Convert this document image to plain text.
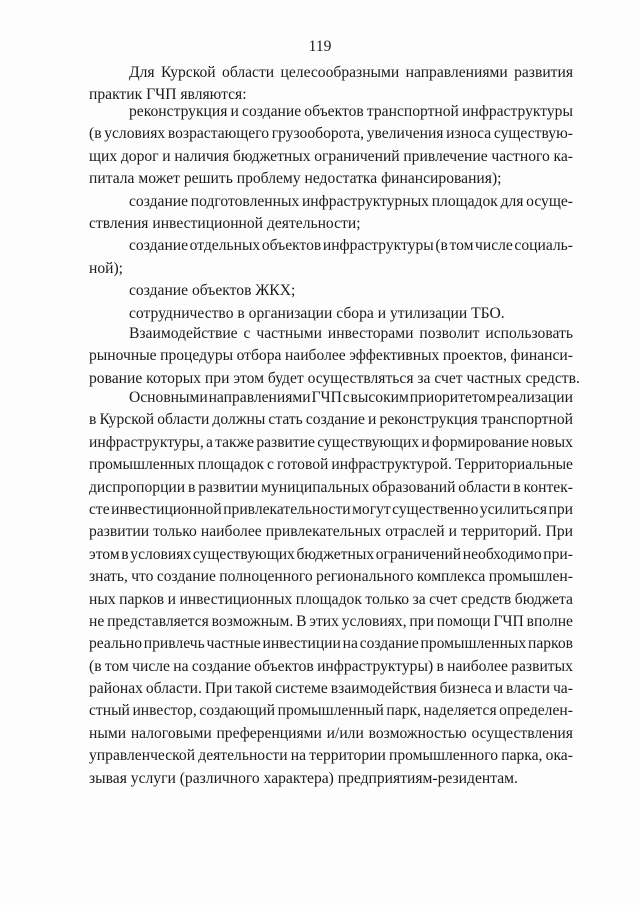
119
Для Курской области целесообразными направлениями развития
практик ГЧП являются:
реконструкция и создание объектов транспортной инфраструктуры
(в условиях возрастающего грузооборота, увеличения износа существую-
щих дорог и наличия бюджетных ограничений привлечение частного ка-
питала может решить проблему недостатка финансирования);
создание подготовленных инфраструктурных площадок для осуще-
ствления инвестиционной деятельности;
создание отдельных объектов инфраструктуры (в том числе социаль-
ной);
создание объектов ЖКХ;
сотрудничество в организации сбора и утилизации ТБО.
Взаимодействие с частными инвесторами позволит использовать
рыночные процедуры отбора наиболее эффективных проектов, финанси-
рование которых при этом будет осуществляться за счет частных средств.
Основными направлениями ГЧП с высоким приоритетом реализации
в Курской области должны стать создание и реконструкция транспортной
инфраструктуры, а также развитие существующих и формирование новых
промышленных площадок с готовой инфраструктурой. Территориальные
диспропорции в развитии муниципальных образований области в контек-
сте инвестиционной привлекательности могут существенно усилиться при
развитии только наиболее привлекательных отраслей и территорий. При
этом в условиях существующих бюджетных ограничений необходимо при-
знать, что создание полноценного регионального комплекса промышлен-
ных парков и инвестиционных площадок только за счет средств бюджета
не представляется возможным. В этих условиях, при помощи ГЧП вполне
реально привлечь частные инвестиции на создание промышленных парков
(в том числе на создание объектов инфраструктуры) в наиболее развитых
районах области. При такой системе взаимодействия бизнеса и власти ча-
стный инвестор, создающий промышленный парк, наделяется определен-
ными налоговыми преференциями и/или возможностью осуществления
управленческой деятельности на территории промышленного парка, ока-
зывая услуги (различного характера) предприятиям-резидентам.
